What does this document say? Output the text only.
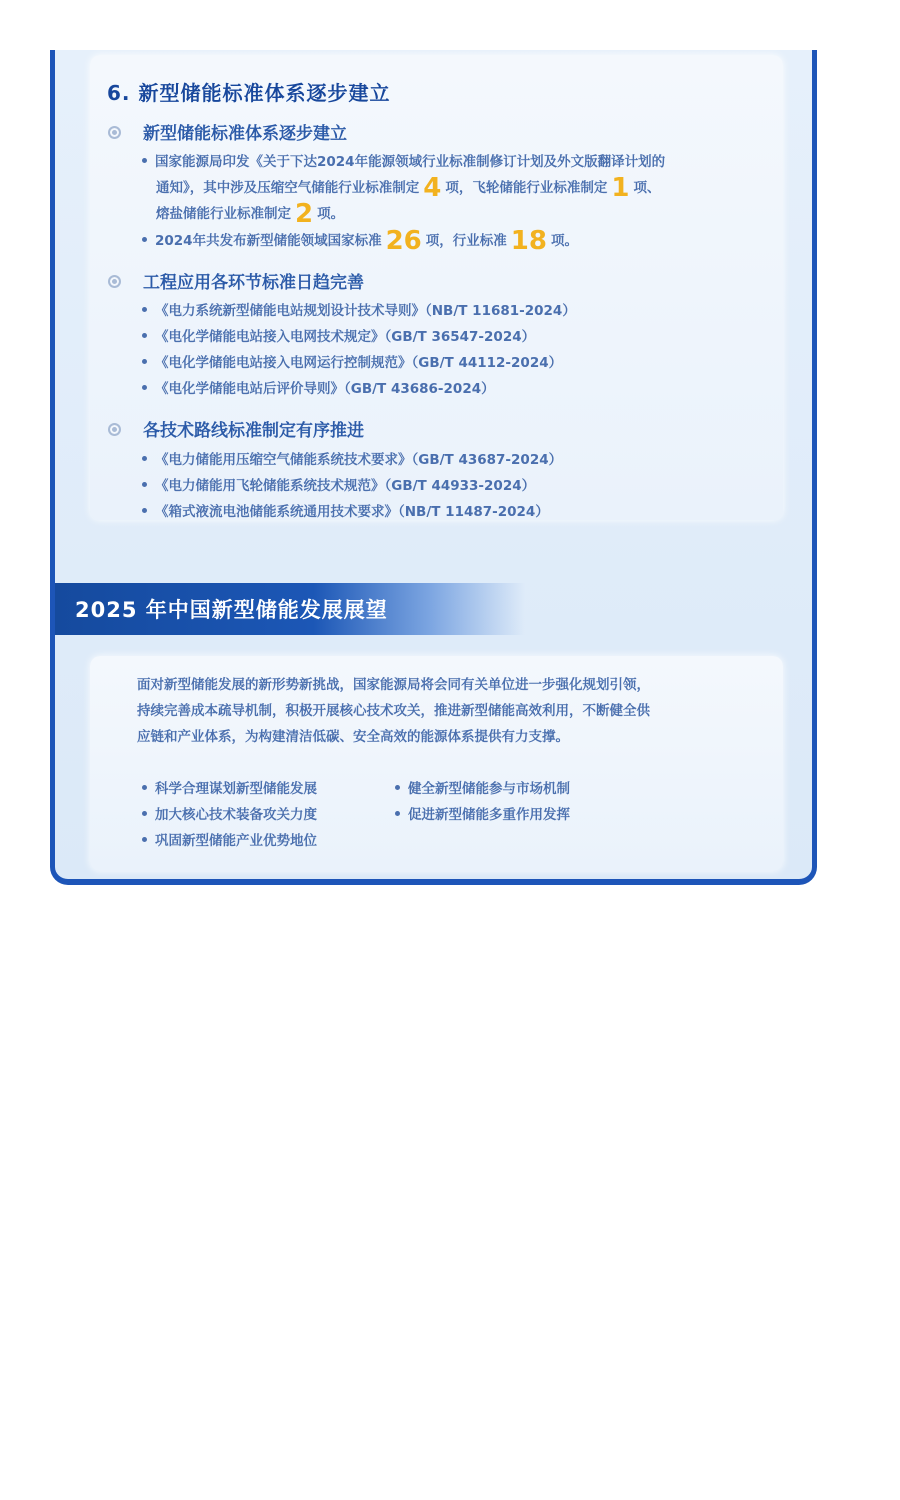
6. 新型储能标准体系逐步建立
新型储能标准体系逐步建立
国家能源局印发《关于下达2024年能源领域行业标准制修订计划及外文版翻译计划的
通知》，其中涉及压缩空气储能行业标准制定 4 项，飞轮储能行业标准制定 1 项、
熔盐储能行业标准制定 2 项。
2024年共发布新型储能领域国家标准 26 项，行业标准 18 项。
工程应用各环节标准日趋完善
《电力系统新型储能电站规划设计技术导则》（NB/T 11681-2024）
《电化学储能电站接入电网技术规定》（GB/T 36547-2024）
《电化学储能电站接入电网运行控制规范》（GB/T 44112-2024）
《电化学储能电站后评价导则》（GB/T 43686-2024）
各技术路线标准制定有序推进
《电力储能用压缩空气储能系统技术要求》（GB/T 43687-2024）
《电力储能用飞轮储能系统技术规范》（GB/T 44933-2024）
《箱式液流电池储能系统通用技术要求》（NB/T 11487-2024）
2025 年中国新型储能发展展望
面对新型储能发展的新形势新挑战，国家能源局将会同有关单位进一步强化规划引领，
持续完善成本疏导机制，积极开展核心技术攻关，推进新型储能高效利用，不断健全供
应链和产业体系，为构建清洁低碳、安全高效的能源体系提供有力支撑。
科学合理谋划新型储能发展
加大核心技术装备攻关力度
巩固新型储能产业优势地位
健全新型储能参与市场机制
促进新型储能多重作用发挥
